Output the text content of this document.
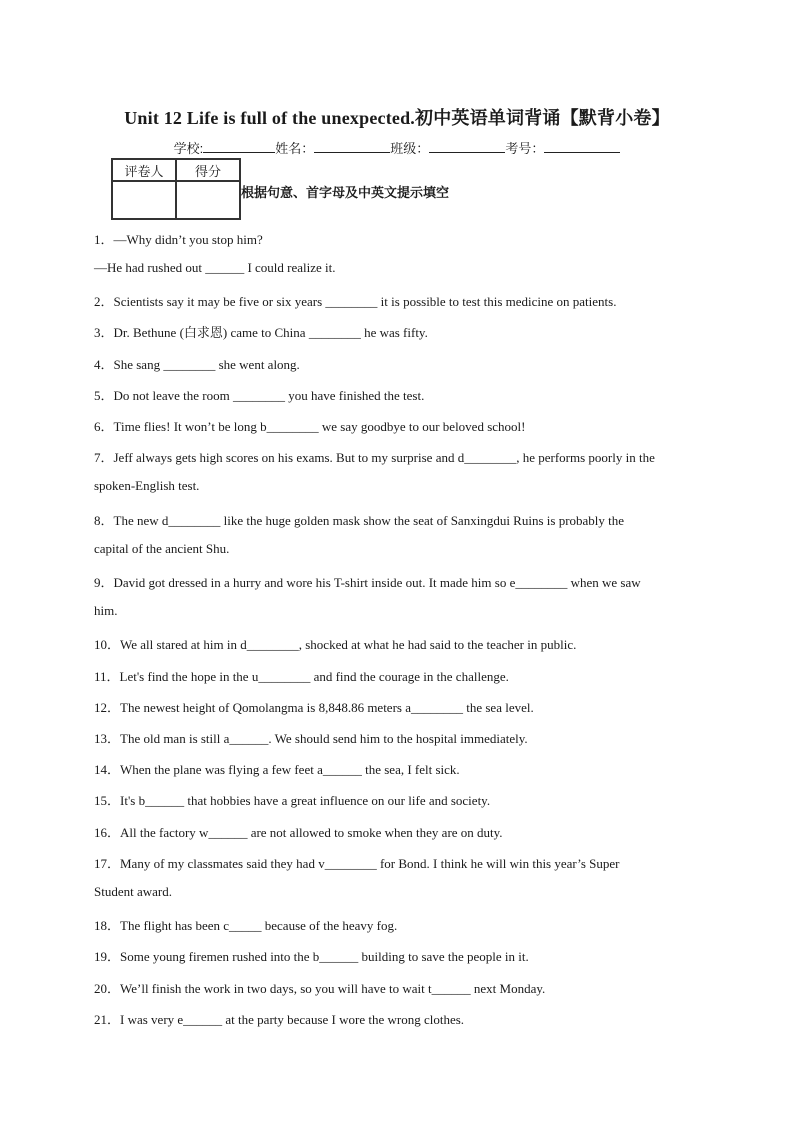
Unit 12 Life is full of the unexpected.初中英语单词背诵【默背小卷】
学校:	姓名：	班级：	考号：
评卷人	得分

根据句意、首字母及中英文提示填空
1．—Why didn’t you stop him?
—He had rushed out ______ I could realize it.
2．Scientists say it may be five or six years ________ it is possible to test this medicine on patients.
3．Dr. Bethune (白求恩) came to China ________ he was fifty.
4．She sang ________ she went along.
5．Do not leave the room ________ you have finished the test.
6．Time flies! It won’t be long b________ we say goodbye to our beloved school!
7．Jeff always gets high scores on his exams. But to my surprise and d________, he performs poorly in the
spoken-English test.
8．The new d________ like the huge golden mask show the seat of Sanxingdui Ruins is probably the
capital of the ancient Shu.
9．David got dressed in a hurry and wore his T-shirt inside out. It made him so e________ when we saw
him.
10．We all stared at him in d________, shocked at what he had said to the teacher in public.
11．Let's find the hope in the u________ and find the courage in the challenge.
12．The newest height of Qomolangma is 8,848.86 meters a________ the sea level.
13．The old man is still a______. We should send him to the hospital immediately.
14．When the plane was flying a few feet a______ the sea, I felt sick.
15．It's b______ that hobbies have a great influence on our life and society.
16．All the factory w______ are not allowed to smoke when they are on duty.
17．Many of my classmates said they had v________ for Bond. I think he will win this year’s Super
Student award.
18．The flight has been c_____ because of the heavy fog.
19．Some young firemen rushed into the b______ building to save the people in it.
20．We’ll finish the work in two days, so you will have to wait t______ next Monday.
21．I was very e______ at the party because I wore the wrong clothes.
